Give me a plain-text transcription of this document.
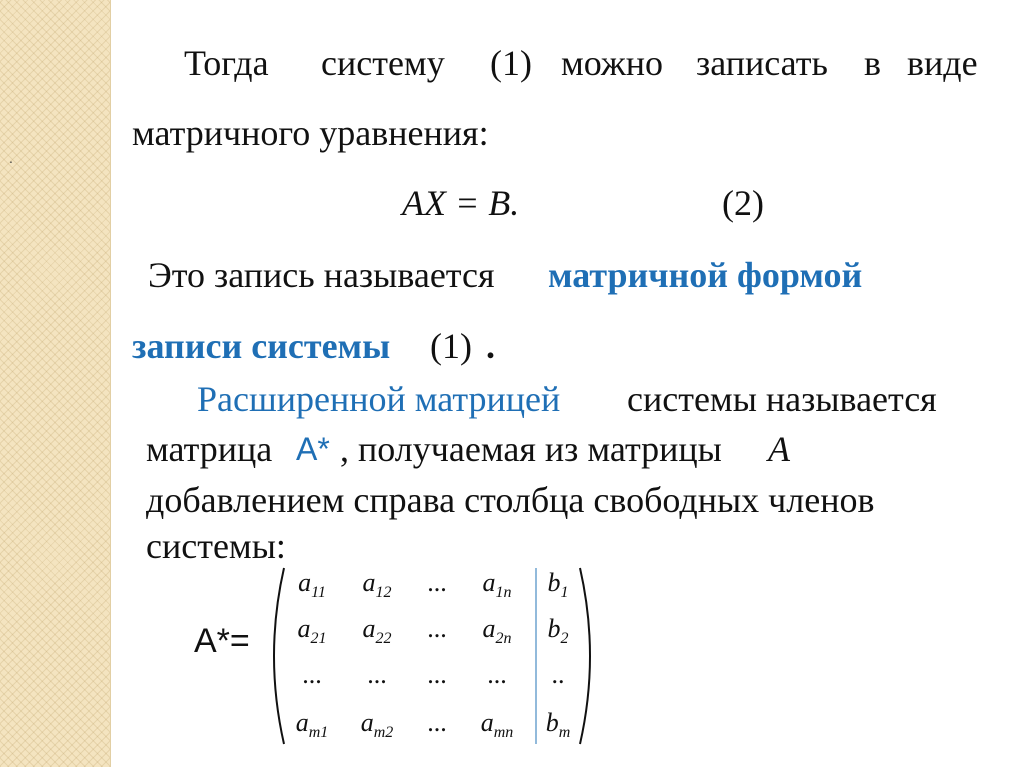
.
Тогда систему (1) можно записать в виде
матричного уравнения:
AX = B.	(2)
Это запись называется матричной формой
записи системы (1) .
Расширенной матрицей системы называется
матрица A* , получаемая из матрицы A
добавлением справа столбца свободных членов
системы:
A*=
$a_{11}$	$a_{12}$	...	$a_{1n}$	$b_1$
$a_{21}$	$a_{22}$	...	$a_{2n}$	$b_2$
...	...	...	...	..
$a_{m1}$	$a_{m2}$	...	$a_{mn}$	$b_m$
